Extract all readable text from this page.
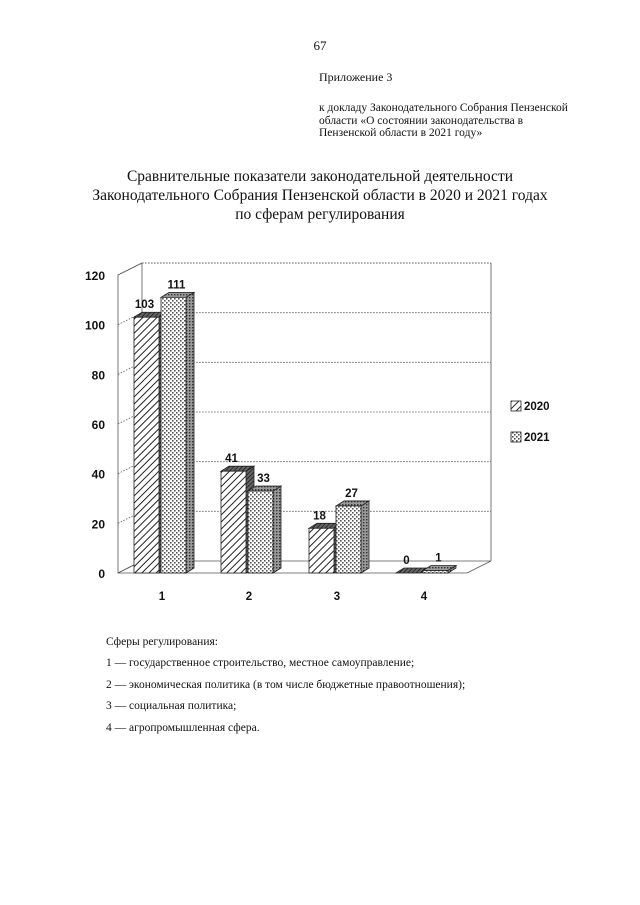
67
Приложение 3
к докладу Законодательного Собрания Пензенской области «О состоянии законодательства в Пензенской области в 2021 году»
Сравнительные показатели законодательной деятельности
Законодательного Собрания Пензенской области в 2020 и 2021 годах
по сферам регулирования
0
20
40
60
80
100
120
103
111
1
41
33
2
18
27
3
0 1
4
2020
2021
Сферы регулирования:
1 — государственное строительство, местное самоуправление;
2 — экономическая политика (в том числе бюджетные правоотношения);
3 — социальная политика;
4 — агропромышленная сфера.
